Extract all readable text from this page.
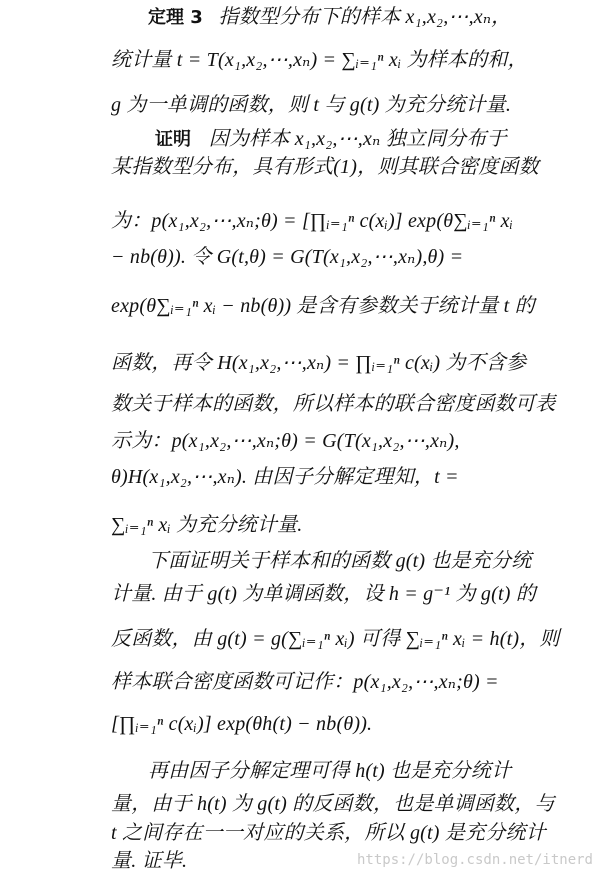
定理 3 指数型分布下的样本 x₁,x₂,⋯,xₙ，
统计量 t = T(x₁,x₂,⋯,xₙ) = ∑ᵢ₌₁ⁿ xᵢ 为样本的和，
g 为一单调的函数，则 t 与 g(t) 为充分统计量.
证明 因为样本 x₁,x₂,⋯,xₙ 独立同分布于
某指数型分布，具有形式(1)，则其联合密度函数
为：p(x₁,x₂,⋯,xₙ;θ) = [∏ᵢ₌₁ⁿ c(xᵢ)] exp(θ∑ᵢ₌₁ⁿ xᵢ
− nb(θ)). 令 G(t,θ) = G(T(x₁,x₂,⋯,xₙ),θ) =
exp(θ∑ᵢ₌₁ⁿ xᵢ − nb(θ)) 是含有参数关于统计量 t 的
函数，再令 H(x₁,x₂,⋯,xₙ) = ∏ᵢ₌₁ⁿ c(xᵢ) 为不含参
数关于样本的函数，所以样本的联合密度函数可表
示为：p(x₁,x₂,⋯,xₙ;θ) = G(T(x₁,x₂,⋯,xₙ),
θ)H(x₁,x₂,⋯,xₙ). 由因子分解定理知，t =
∑ᵢ₌₁ⁿ xᵢ 为充分统计量.
下面证明关于样本和的函数 g(t) 也是充分统
计量. 由于 g(t) 为单调函数，设 h = g⁻¹ 为 g(t) 的
反函数，由 g(t) = g(∑ᵢ₌₁ⁿ xᵢ) 可得 ∑ᵢ₌₁ⁿ xᵢ = h(t)，则
样本联合密度函数可记作：p(x₁,x₂,⋯,xₙ;θ) =
[∏ᵢ₌₁ⁿ c(xᵢ)] exp(θh(t) − nb(θ)).
再由因子分解定理可得 h(t) 也是充分统计
量，由于 h(t) 为 g(t) 的反函数，也是单调函数，与
t 之间存在一一对应的关系，所以 g(t) 是充分统计
量. 证毕.	https://blog.csdn.net/itnerd
